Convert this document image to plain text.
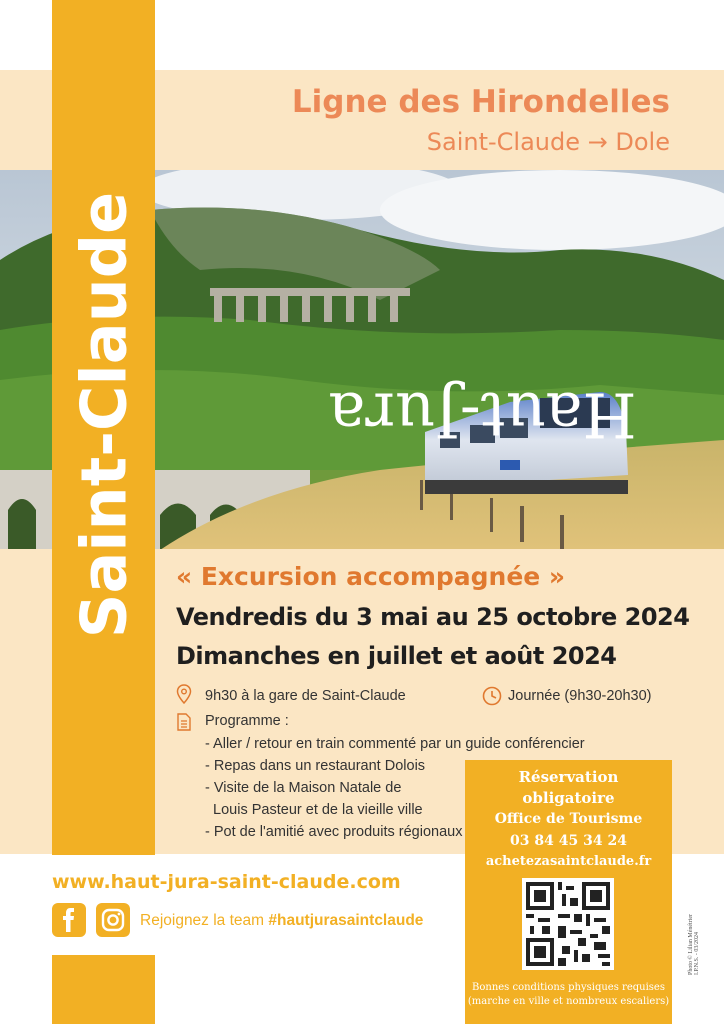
Haut-Jura
Saint-Claude
Ligne des Hirondelles
Saint-Claude → Dole
« Excursion accompagnée »
Vendredis du 3 mai au 25 octobre 2024
Dimanches en juillet et août 2024
9h30 à la gare de Saint-Claude	Journée (9h30-20h30)
Programme :
- Aller / retour en train commenté par un guide conférencier
- Repas dans un restaurant Dolois
- Visite de la Maison Natale de
Louis Pasteur et de la vieille ville
- Pot de l'amitié avec produits régionaux
Réservation
obligatoire
Office de Tourisme
03 84 45 34 24
achetezasaintclaude.fr
Bonnes conditions physiques requises
(marche en ville et nombreux escaliers)
www.haut-jura-saint-claude.com
Rejoignez la team #hautjurasaintclaude	Photo © Lilian Ménétrier I.P.N.S. - 03/2024
